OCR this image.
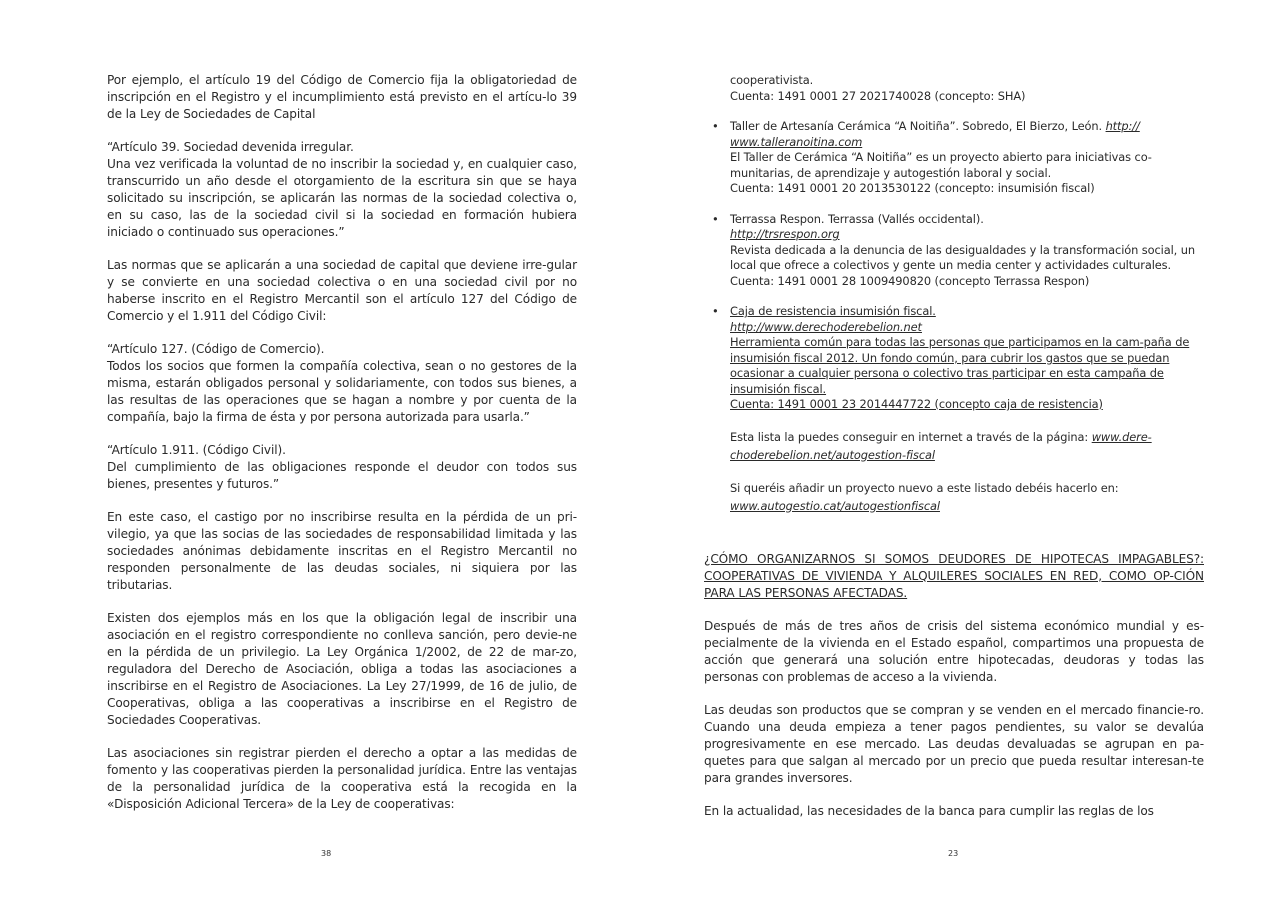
Por ejemplo, el artículo 19 del Código de Comercio fija la obligatoriedad de inscripción en el Registro y el incumplimiento está previsto en el artícu-lo 39 de la Ley de Sociedades de Capital

“Artículo 39. Sociedad devenida irregular.
Una vez verificada la voluntad de no inscribir la sociedad y, en cualquier caso, transcurrido un año desde el otorgamiento de la escritura sin que se haya solicitado su inscripción, se aplicarán las normas de la sociedad colectiva o, en su caso, las de la sociedad civil si la sociedad en formación hubiera iniciado o continuado sus operaciones.”

Las normas que se aplicarán a una sociedad de capital que deviene irre-gular y se convierte en una sociedad colectiva o en una sociedad civil por no haberse inscrito en el Registro Mercantil son el artículo 127 del Código de Comercio y el 1.911 del Código Civil:

“Artículo 127. (Código de Comercio).
Todos los socios que formen la compañía colectiva, sean o no gestores de la misma, estarán obligados personal y solidariamente, con todos sus bienes, a las resultas de las operaciones que se hagan a nombre y por cuenta de la compañía, bajo la firma de ésta y por persona autorizada para usarla.”

“Artículo 1.911. (Código Civil).
Del cumplimiento de las obligaciones responde el deudor con todos sus bienes, presentes y futuros.”

En este caso, el castigo por no inscribirse resulta en la pérdida de un pri-vilegio, ya que las socias de las sociedades de responsabilidad limitada y las sociedades anónimas debidamente inscritas en el Registro Mercantil no responden personalmente de las deudas sociales, ni siquiera por las tributarias.

Existen dos ejemplos más en los que la obligación legal de inscribir una asociación en el registro correspondiente no conlleva sanción, pero devie-ne en la pérdida de un privilegio. La Ley Orgánica 1/2002, de 22 de mar-zo, reguladora del Derecho de Asociación, obliga a todas las asociaciones a inscribirse en el Registro de Asociaciones. La Ley 27/1999, de 16 de julio, de Cooperativas, obliga a las cooperativas a inscribirse en el Registro de Sociedades Cooperativas.

Las asociaciones sin registrar pierden el derecho a optar a las medidas de fomento y las cooperativas pierden la personalidad jurídica. Entre las ventajas de la personalidad jurídica de la cooperativa está la recogida en la «Disposición Adicional Tercera» de la Ley de cooperativas:

38
cooperativista.
Cuenta: 1491 0001 27 2021740028 (concepto: SHA)
• Taller de Artesanía Cerámica “A Noitiña”. Sobredo, El Bierzo, León. http://
www.talleranoitina.com
El Taller de Cerámica “A Noitiña” es un proyecto abierto para iniciativas co-munitarias, de aprendizaje y autogestión laboral y social.
Cuenta: 1491 0001 20 2013530122 (concepto: insumisión fiscal)
• Terrassa Respon. Terrassa (Vallés occidental).
http://trsrespon.org
Revista dedicada a la denuncia de las desigualdades y la transformación social, un local que ofrece a colectivos y gente un media center y actividades culturales.
Cuenta: 1491 0001 28 1009490820 (concepto Terrassa Respon)
• Caja de resistencia insumisión fiscal.
http://www.derechoderebelion.net
Herramienta común para todas las personas que participamos en la cam-paña de insumisión fiscal 2012. Un fondo común, para cubrir los gastos que se puedan ocasionar a cualquier persona o colectivo tras participar en esta campaña de insumisión fiscal.
Cuenta: 1491 0001 23 2014447722 (concepto caja de resistencia)
Esta lista la puedes conseguir en internet a través de la página: www.dere-choderebelion.net/autogestion-fiscal
Si queréis añadir un proyecto nuevo a este listado debéis hacerlo en: www.autogestio.cat/autogestionfiscal
¿CÓMO ORGANIZARNOS SI SOMOS DEUDORES DE HIPOTECAS IMPAGABLES?: COOPERATIVAS DE VIVIENDA Y ALQUILERES SOCIALES EN RED, COMO OP-CIÓN PARA LAS PERSONAS AFECTADAS.

Después de más de tres años de crisis del sistema económico mundial y es-pecialmente de la vivienda en el Estado español, compartimos una propuesta de acción que generará una solución entre hipotecadas, deudoras y todas las personas con problemas de acceso a la vivienda.

Las deudas son productos que se compran y se venden en el mercado financie-ro. Cuando una deuda empieza a tener pagos pendientes, su valor se devalúa progresivamente en ese mercado. Las deudas devaluadas se agrupan en pa-quetes para que salgan al mercado por un precio que pueda resultar interesan-te para grandes inversores.

En la actualidad, las necesidades de la banca para cumplir las reglas de los

23
